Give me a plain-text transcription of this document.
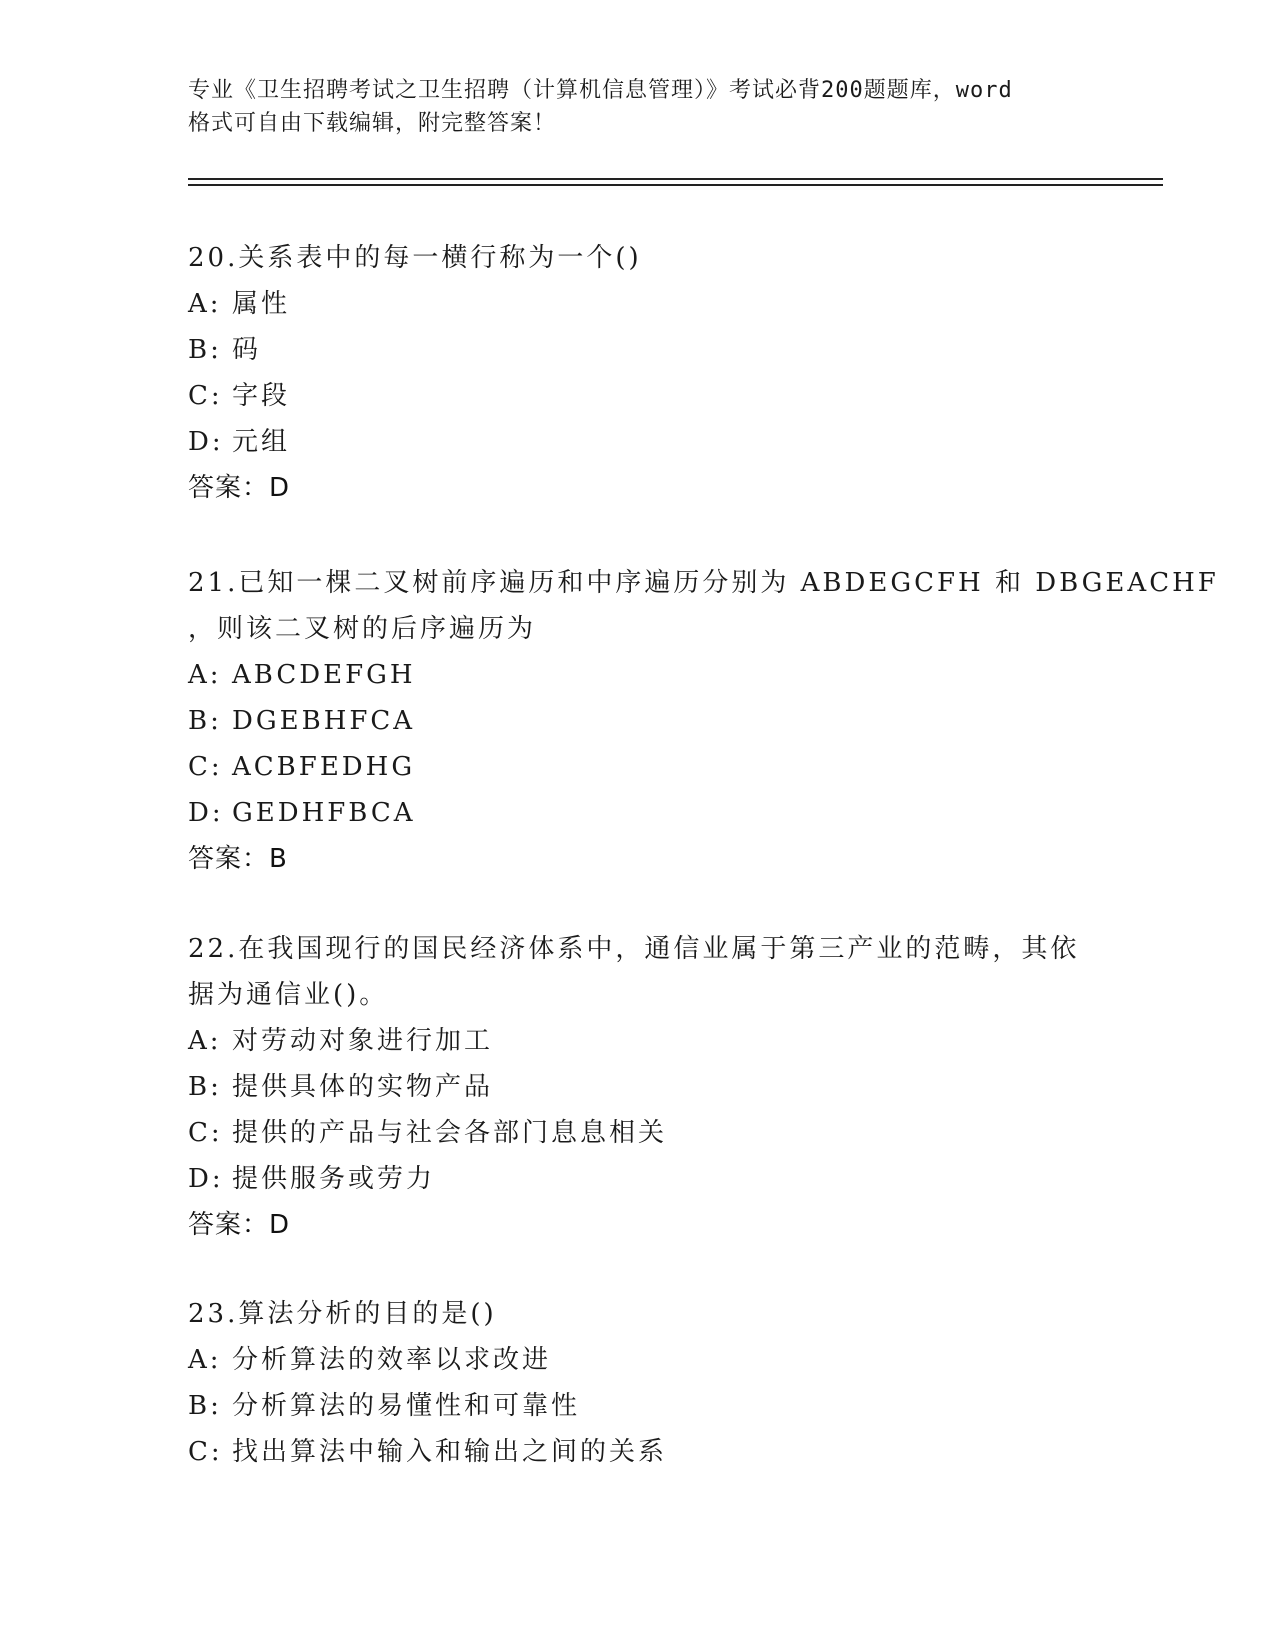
专业《卫生招聘考试之卫生招聘（计算机信息管理）》考试必背200题题库，word
格式可自由下载编辑，附完整答案！
20.关系表中的每一横行称为一个()
A: 属性
B: 码
C: 字段
D: 元组
答案：D
21.已知一棵二叉树前序遍历和中序遍历分别为 ABDEGCFH 和 DBGEACHF
，则该二叉树的后序遍历为
A: ABCDEFGH
B: DGEBHFCA
C: ACBFEDHG
D: GEDHFBCA
答案：B
22.在我国现行的国民经济体系中，通信业属于第三产业的范畴，其依
据为通信业()。
A: 对劳动对象进行加工
B: 提供具体的实物产品
C: 提供的产品与社会各部门息息相关
D: 提供服务或劳力
答案：D
23.算法分析的目的是()
A: 分析算法的效率以求改进
B: 分析算法的易懂性和可靠性
C: 找出算法中输入和输出之间的关系
